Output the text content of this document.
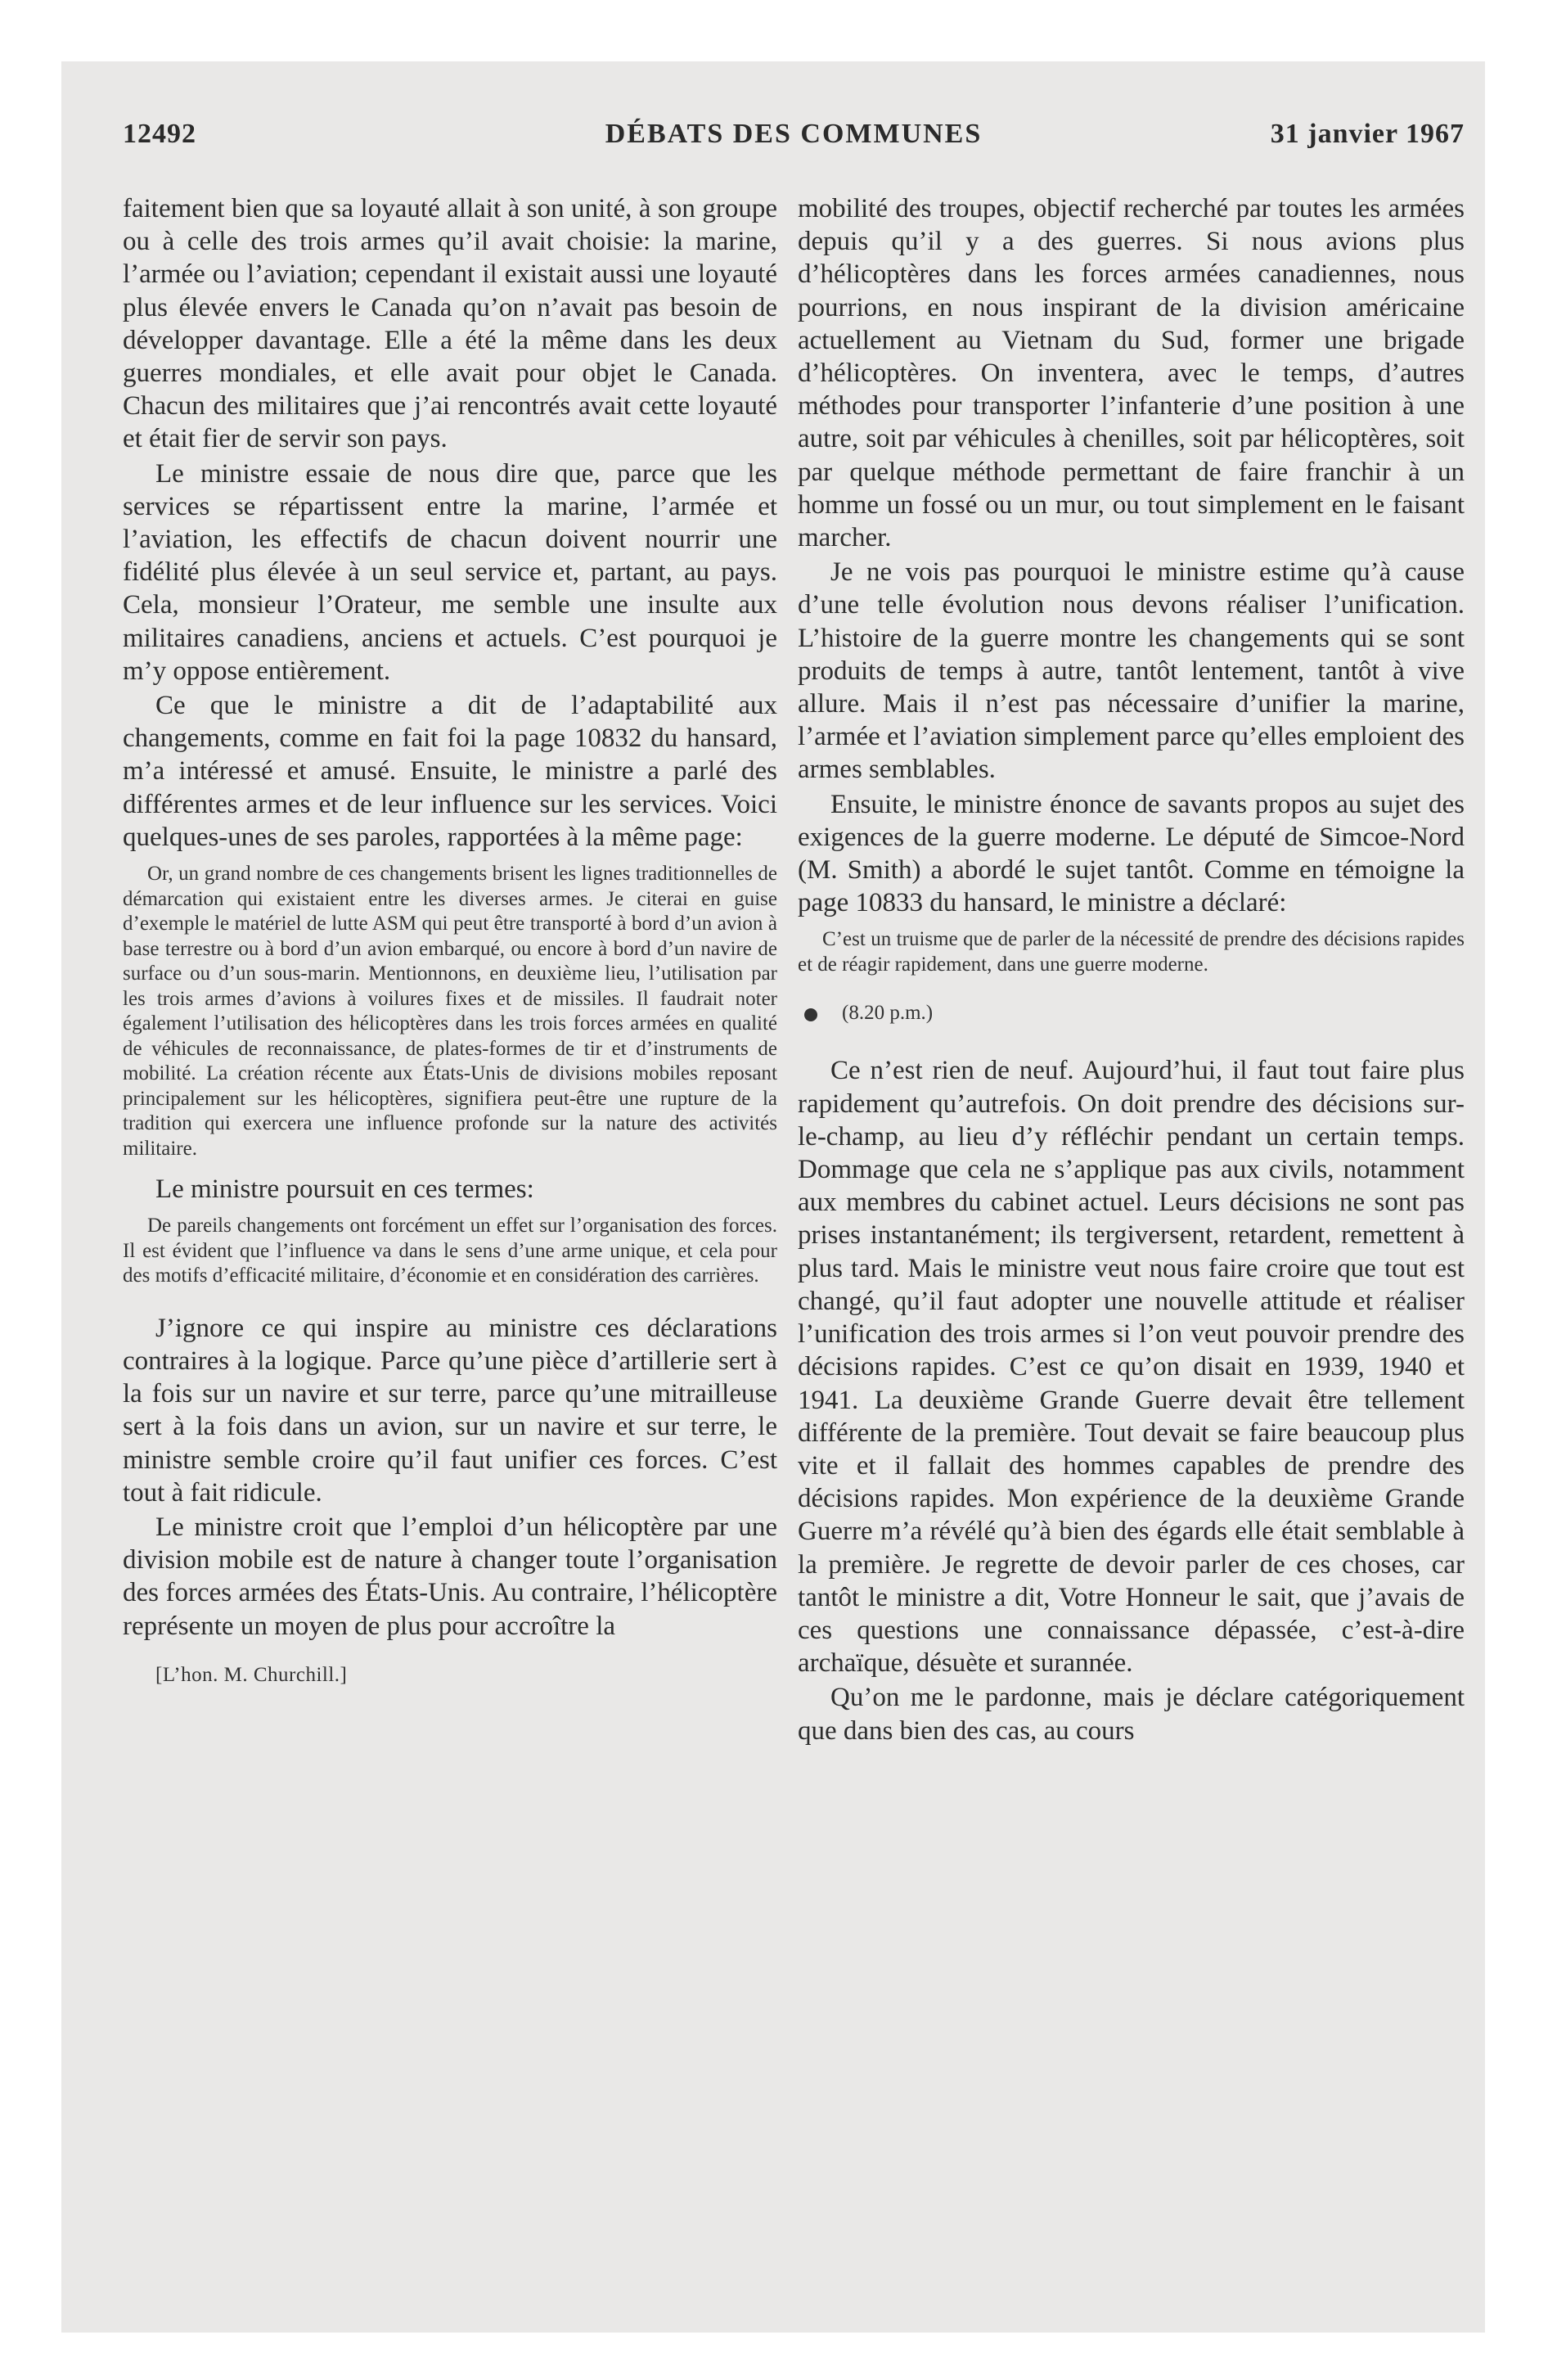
12492	DÉBATS DES COMMUNES	31 janvier 1967

faitement bien que sa loyauté allait à son unité, à son groupe ou à celle des trois armes qu’il avait choisie: la marine, l’armée ou l’aviation; cependant il existait aussi une loyauté plus élevée envers le Canada qu’on n’avait pas besoin de développer davantage. Elle a été la même dans les deux guerres mondiales, et elle avait pour objet le Canada. Chacun des militaires que j’ai rencontrés avait cette loyauté et était fier de servir son pays.

Le ministre essaie de nous dire que, parce que les services se répartissent entre la marine, l’armée et l’aviation, les effectifs de chacun doivent nourrir une fidélité plus élevée à un seul service et, partant, au pays. Cela, monsieur l’Orateur, me semble une insulte aux militaires canadiens, anciens et actuels. C’est pourquoi je m’y oppose entièrement.

Ce que le ministre a dit de l’adaptabilité aux changements, comme en fait foi la page 10832 du hansard, m’a intéressé et amusé. Ensuite, le ministre a parlé des différentes armes et de leur influence sur les services. Voici quelques-unes de ses paroles, rapportées à la même page:

Or, un grand nombre de ces changements brisent les lignes traditionnelles de démarcation qui existaient entre les diverses armes. Je citerai en guise d’exemple le matériel de lutte ASM qui peut être transporté à bord d’un avion à base terrestre ou à bord d’un avion embarqué, ou encore à bord d’un navire de surface ou d’un sous-marin. Mentionnons, en deuxième lieu, l’utilisation par les trois armes d’avions à voilures fixes et de missiles. Il faudrait noter également l’utilisation des hélicoptères dans les trois forces armées en qualité de véhicules de reconnaissance, de plates-formes de tir et d’instruments de mobilité. La création récente aux États-Unis de divisions mobiles reposant principalement sur les hélicoptères, signifiera peut-être une rupture de la tradition qui exercera une influence profonde sur la nature des activités militaire.

Le ministre poursuit en ces termes:

De pareils changements ont forcément un effet sur l’organisation des forces. Il est évident que l’influence va dans le sens d’une arme unique, et cela pour des motifs d’efficacité militaire, d’économie et en considération des carrières.

J’ignore ce qui inspire au ministre ces déclarations contraires à la logique. Parce qu’une pièce d’artillerie sert à la fois sur un navire et sur terre, parce qu’une mitrailleuse sert à la fois dans un avion, sur un navire et sur terre, le ministre semble croire qu’il faut unifier ces forces. C’est tout à fait ridicule.

Le ministre croit que l’emploi d’un hélicoptère par une division mobile est de nature à changer toute l’organisation des forces armées des États-Unis. Au contraire, l’hélicoptère représente un moyen de plus pour accroître la

[L’hon. M. Churchill.]

mobilité des troupes, objectif recherché par toutes les armées depuis qu’il y a des guerres. Si nous avions plus d’hélicoptères dans les forces armées canadiennes, nous pourrions, en nous inspirant de la division américaine actuellement au Vietnam du Sud, former une brigade d’hélicoptères. On inventera, avec le temps, d’autres méthodes pour transporter l’infanterie d’une position à une autre, soit par véhicules à chenilles, soit par hélicoptères, soit par quelque méthode permettant de faire franchir à un homme un fossé ou un mur, ou tout simplement en le faisant marcher.

Je ne vois pas pourquoi le ministre estime qu’à cause d’une telle évolution nous devons réaliser l’unification. L’histoire de la guerre montre les changements qui se sont produits de temps à autre, tantôt lentement, tantôt à vive allure. Mais il n’est pas nécessaire d’unifier la marine, l’armée et l’aviation simplement parce qu’elles emploient des armes semblables.

Ensuite, le ministre énonce de savants propos au sujet des exigences de la guerre moderne. Le député de Simcoe-Nord (M. Smith) a abordé le sujet tantôt. Comme en témoigne la page 10833 du hansard, le ministre a déclaré:

C’est un truisme que de parler de la nécessité de prendre des décisions rapides et de réagir rapidement, dans une guerre moderne.

(8.20 p.m.)

Ce n’est rien de neuf. Aujourd’hui, il faut tout faire plus rapidement qu’autrefois. On doit prendre des décisions sur-le-champ, au lieu d’y réfléchir pendant un certain temps. Dommage que cela ne s’applique pas aux civils, notamment aux membres du cabinet actuel. Leurs décisions ne sont pas prises instantanément; ils tergiversent, retardent, remettent à plus tard. Mais le ministre veut nous faire croire que tout est changé, qu’il faut adopter une nouvelle attitude et réaliser l’unification des trois armes si l’on veut pouvoir prendre des décisions rapides. C’est ce qu’on disait en 1939, 1940 et 1941. La deuxième Grande Guerre devait être tellement différente de la première. Tout devait se faire beaucoup plus vite et il fallait des hommes capables de prendre des décisions rapides. Mon expérience de la deuxième Grande Guerre m’a révélé qu’à bien des égards elle était semblable à la première. Je regrette de devoir parler de ces choses, car tantôt le ministre a dit, Votre Honneur le sait, que j’avais de ces questions une connaissance dépassée, c’est-à-dire archaïque, désuète et surannée.

Qu’on me le pardonne, mais je déclare catégoriquement que dans bien des cas, au cours
